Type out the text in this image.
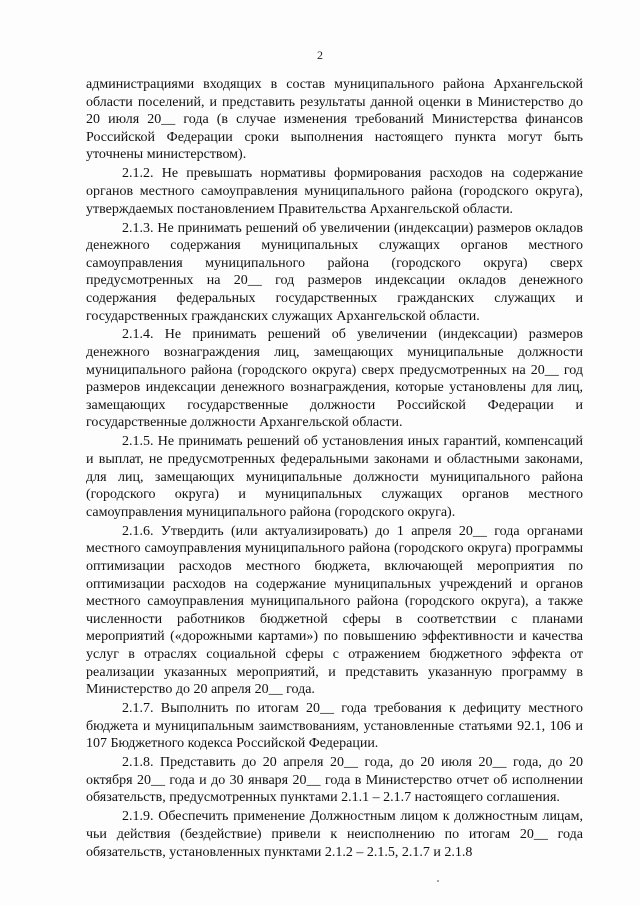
2

администрациями входящих в состав муниципального района Архангельской области поселений, и представить результаты данной оценки в Министерство до 20 июля 20__ года (в случае изменения требований Министерства финансов Российской Федерации сроки выполнения настоящего пункта могут быть уточнены министерством).

2.1.2. Не превышать нормативы формирования расходов на содержание органов местного самоуправления муниципального района (городского округа), утверждаемых постановлением Правительства Архангельской области.

2.1.3. Не принимать решений об увеличении (индексации) размеров окладов денежного содержания муниципальных служащих органов местного самоуправления муниципального района (городского округа) сверх предусмотренных на 20__ год размеров индексации окладов денежного содержания федеральных государственных гражданских служащих и государственных гражданских служащих Архангельской области.

2.1.4. Не принимать решений об увеличении (индексации) размеров денежного вознаграждения лиц, замещающих муниципальные должности муниципального района (городского округа) сверх предусмотренных на 20__ год размеров индексации денежного вознаграждения, которые установлены для лиц, замещающих государственные должности Российской Федерации и государственные должности Архангельской области.

2.1.5. Не принимать решений об установления иных гарантий, компенсаций и выплат, не предусмотренных федеральными законами и областными законами, для лиц, замещающих муниципальные должности муниципального района (городского округа) и муниципальных служащих органов местного самоуправления муниципального района (городского округа).

2.1.6. Утвердить (или актуализировать) до 1 апреля 20__ года органами местного самоуправления муниципального района (городского округа) программы оптимизации расходов местного бюджета, включающей мероприятия по оптимизации расходов на содержание муниципальных учреждений и органов местного самоуправления муниципального района (городского округа), а также численности работников бюджетной сферы в соответствии с планами мероприятий («дорожными картами») по повышению эффективности и качества услуг в отраслях социальной сферы с отражением бюджетного эффекта от реализации указанных мероприятий, и представить указанную программу в Министерство до 20 апреля 20__ года.

2.1.7. Выполнить по итогам 20__ года требования к дефициту местного бюджета и муниципальным заимствованиям, установленные статьями 92.1, 106 и 107 Бюджетного кодекса Российской Федерации.

2.1.8. Представить до 20 апреля 20__ года, до 20 июля 20__ года, до 20 октября 20__ года и до 30 января 20__ года в Министерство отчет об исполнении обязательств, предусмотренных пунктами 2.1.1 – 2.1.7 настоящего соглашения.

2.1.9. Обеспечить применение Должностным лицом к должностным лицам, чьи действия (бездействие) привели к неисполнению по итогам 20__ года обязательств, установленных пунктами 2.1.2 – 2.1.5, 2.1.7 и 2.1.8
